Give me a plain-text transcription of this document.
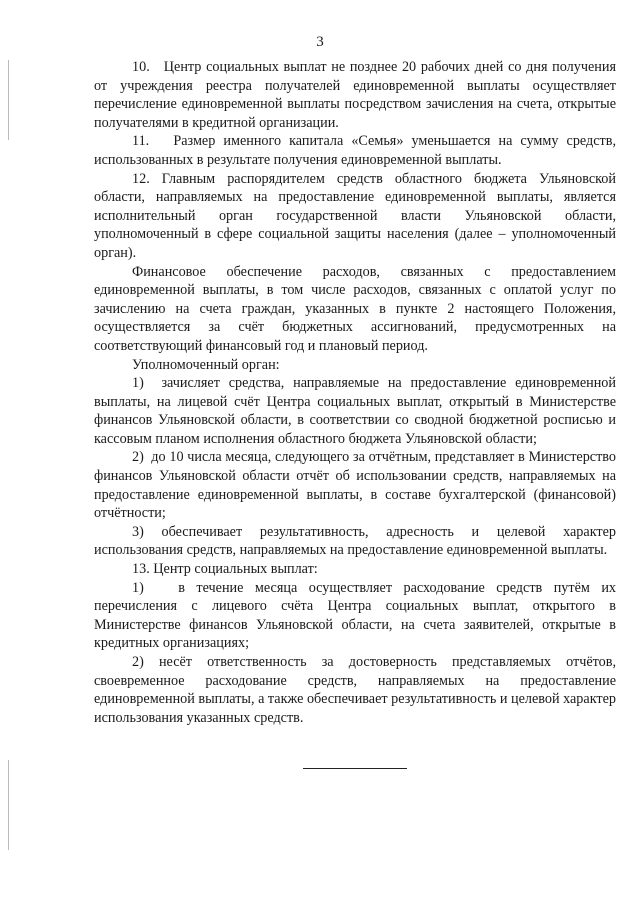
3

10.   Центр социальных выплат не позднее 20 рабочих дней со дня получения от учреждения реестра получателей единовременной выплаты осуществляет перечисление единовременной выплаты посредством зачисления на счета, открытые получателями в кредитной организации.

11.   Размер именного капитала «Семья» уменьшается на сумму средств, использованных в результате получения единовременной выплаты.

12. Главным распорядителем средств областного бюджета Ульяновской области, направляемых на предоставление единовременной выплаты, является исполнительный орган государственной власти Ульяновской области, уполномоченный в сфере социальной защиты населения (далее – уполномоченный орган).

Финансовое обеспечение расходов, связанных с предоставлением единовременной выплаты, в том числе расходов, связанных с оплатой услуг по зачислению на счета граждан, указанных в пункте 2 настоящего Положения, осуществляется за счёт бюджетных ассигнований, предусмотренных на соответствующий финансовый год и плановый период.

Уполномоченный орган:

1)  зачисляет средства, направляемые на предоставление единовременной выплаты, на лицевой счёт Центра социальных выплат, открытый в Министерстве финансов Ульяновской области, в соответствии со сводной бюджетной росписью и кассовым планом исполнения областного бюджета Ульяновской области;

2)  до 10 числа месяца, следующего за отчётным, представляет в Министерство финансов Ульяновской области отчёт об использовании средств, направляемых на предоставление единовременной выплаты, в составе бухгалтерской (финансовой) отчётности;

3) обеспечивает результативность, адресность и целевой характер использования средств, направляемых на предоставление единовременной выплаты.

13. Центр социальных выплат:

1)   в течение месяца осуществляет расходование средств путём их перечисления с лицевого счёта Центра социальных выплат, открытого в Министерстве финансов Ульяновской области, на счета заявителей, открытые в кредитных организациях;

2) несёт ответственность за достоверность представляемых отчётов, своевременное расходование средств, направляемых на предоставление единовременной выплаты, а также обеспечивает результативность и целевой характер использования указанных средств.
